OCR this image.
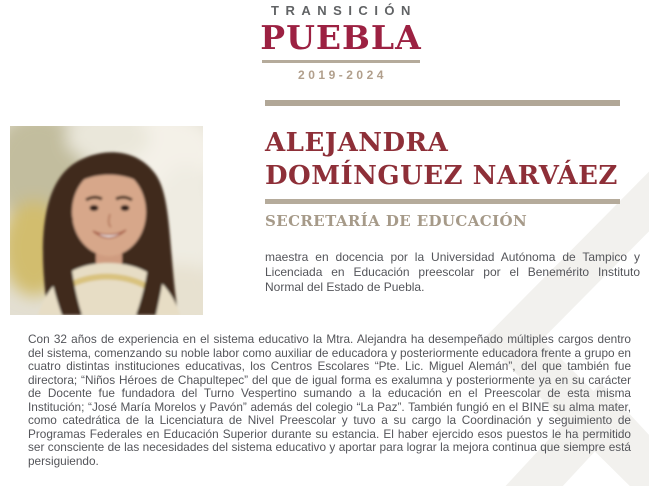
TRANSICIÓN
PUEBLA
2019-2024
ALEJANDRA
DOMÍNGUEZ NARVÁEZ
SECRETARÍA DE EDUCACIÓN
maestra en docencia por la Universidad Autónoma de Tampico y Licenciada en Educación preescolar por el Benemérito Instituto Normal del Estado de Puebla.
Con 32 años de experiencia en el sistema educativo la Mtra. Alejandra ha desempeñado múltiples cargos dentro del sistema, comenzando su noble labor como auxiliar de educadora y posteriormente educadora frente a grupo en cuatro distintas instituciones educativas, los Centros Escolares “Pte. Lic. Miguel Alemán”, del que también fue directora; “Niños Héroes de Chapultepec” del que de igual forma es exalumna y posteriormente ya en su carácter de Docente fue fundadora del Turno Vespertino sumando a la educación en el Preescolar de esta misma Institución; “José María Morelos y Pavón” además del colegio “La Paz”. También fungió en el BINE su alma mater, como catedrática de la Licenciatura de Nivel Preescolar y tuvo a su cargo la Coordinación y seguimiento de Programas Federales en Educación Superior durante su estancia. El haber ejercido esos puestos le ha permitido ser consciente de las necesidades del sistema educativo y aportar para lograr la mejora continua que siempre está persiguiendo.
